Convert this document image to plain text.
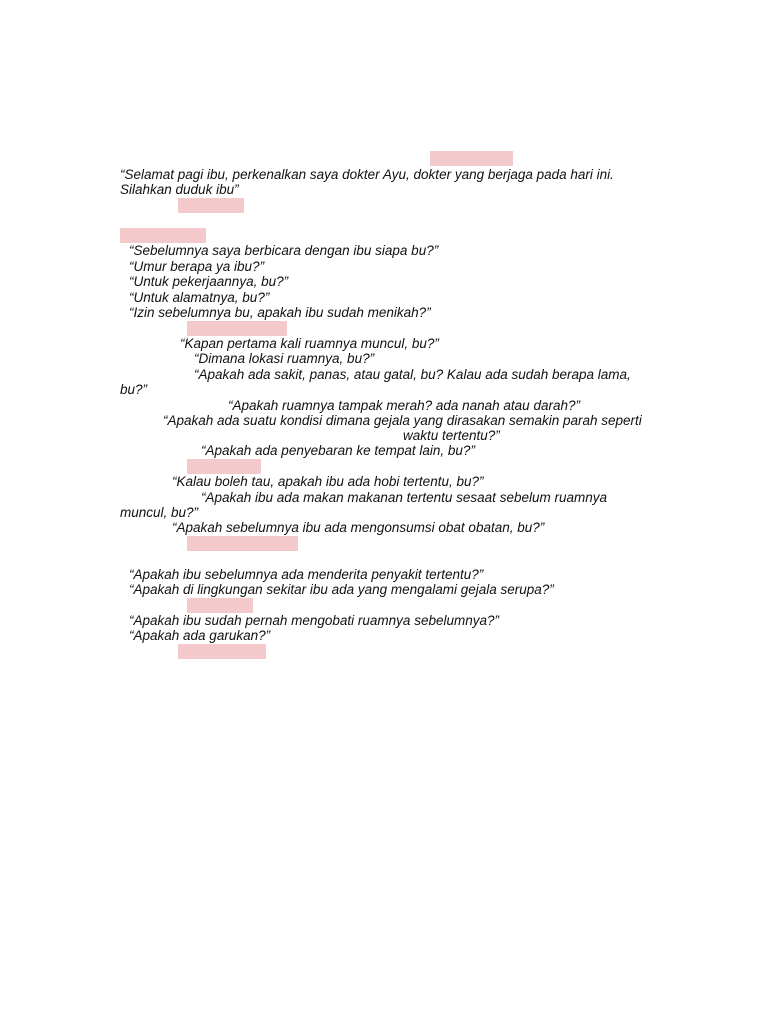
“Selamat pagi ibu, perkenalkan saya dokter Ayu, dokter yang berjaga pada hari ini.
Silahkan duduk ibu”
“Sebelumnya saya berbicara dengan ibu siapa bu?”
“Umur berapa ya ibu?”
“Untuk pekerjaannya, bu?”
“Untuk alamatnya, bu?”
“Izin sebelumnya bu, apakah ibu sudah menikah?”
“Kapan pertama kali ruamnya muncul, bu?”
“Dimana lokasi ruamnya, bu?”
“Apakah ada sakit, panas, atau gatal, bu? Kalau ada sudah berapa lama,
bu?”
“Apakah ruamnya tampak merah? ada nanah atau darah?”
“Apakah ada suatu kondisi dimana gejala yang dirasakan semakin parah seperti
waktu tertentu?”
“Apakah ada penyebaran ke tempat lain, bu?”
“Kalau boleh tau, apakah ibu ada hobi tertentu, bu?”
“Apakah ibu ada makan makanan tertentu sesaat sebelum ruamnya
muncul, bu?”
“Apakah sebelumnya ibu ada mengonsumsi obat obatan, bu?”
“Apakah ibu sebelumnya ada menderita penyakit tertentu?”
“Apakah di lingkungan sekitar ibu ada yang mengalami gejala serupa?”
“Apakah ibu sudah pernah mengobati ruamnya sebelumnya?”
“Apakah ada garukan?”
